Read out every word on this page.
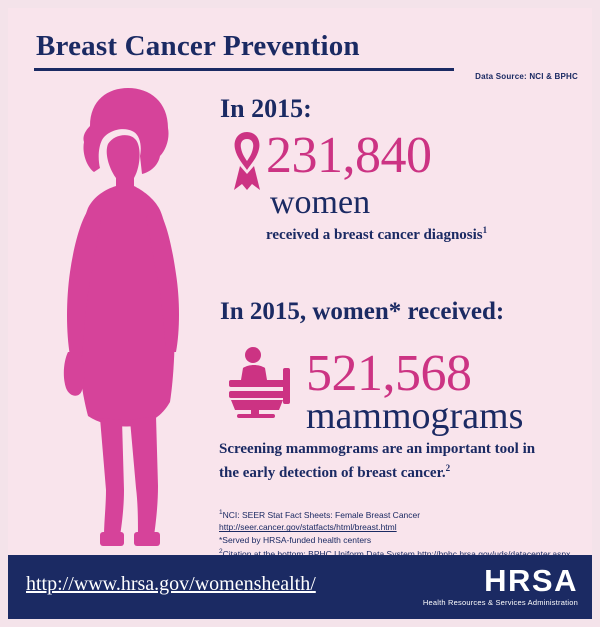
Breast Cancer Prevention
Data Source: NCI & BPHC
In 2015:
231,840
women
received a breast cancer diagnosis$^1$
In 2015, women* received:
521,568
mammograms
Screening mammograms are an important tool in
the early detection of breast cancer.$^2$
$^1$NCI: SEER Stat Fact Sheets: Female Breast Cancer http://seer.cancer.gov/statfacts/html/breast.html
*Served by HRSA-funded health centers
$^2$
http://www.hrsa.gov/womenshealth/	HRSA
Health Resources & Services Administration
